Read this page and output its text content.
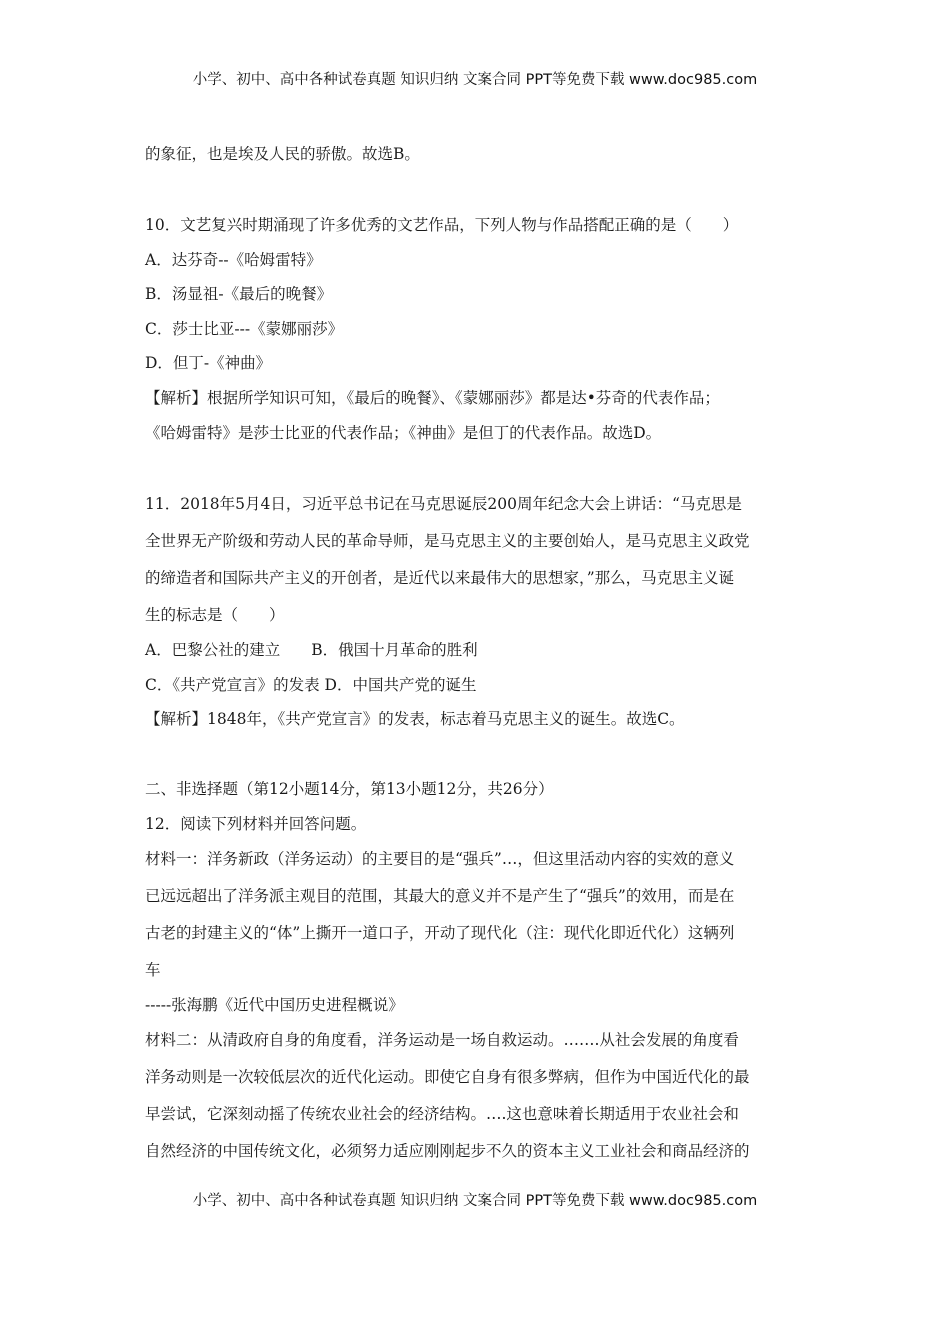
小学、初中、高中各种试卷真题 知识归纳 文案合同 PPT等免费下载 www.doc985.com
的象征，也是埃及人民的骄傲。故选B。
10．文艺复兴时期涌现了许多优秀的文艺作品，下列人物与作品搭配正确的是（　　）
A．达芬奇--《哈姆雷特》
B．汤显祖-《最后的晚餐》
C．莎士比亚---《蒙娜丽莎》
D．但丁-《神曲》
【解析】根据所学知识可知，《最后的晚餐》、《蒙娜丽莎》都是达•芬奇的代表作品；
《哈姆雷特》是莎士比亚的代表作品；《神曲》是但丁的代表作品。故选D。
11．2018年5月4日，习近平总书记在马克思诞辰200周年纪念大会上讲话：“马克思是
全世界无产阶级和劳动人民的革命导师，是马克思主义的主要创始人，是马克思主义政党
的缔造者和国际共产主义的开创者，是近代以来最伟大的思想家，”那么，马克思主义诞
生的标志是（　　）
A．巴黎公社的建立　　B．俄国十月革命的胜利
C．《共产党宣言》的发表 D．中国共产党的诞生
【解析】1848年，《共产党宣言》的发表，标志着马克思主义的诞生。故选C。
二、非选择题（第12小题14分，第13小题12分，共26分）
12．阅读下列材料并回答问题。
材料一：洋务新政（洋务运动）的主要目的是“强兵”…，但这里活动内容的实效的意义
已远远超出了洋务派主观目的范围，其最大的意义并不是产生了“强兵”的效用，而是在
古老的封建主义的“体”上撕开一道口子，开动了现代化（注：现代化即近代化）这辆列
车
-----张海鹏《近代中国历史进程概说》
材料二：从清政府自身的角度看，洋务运动是一场自救运动。…….从社会发展的角度看
洋务动则是一次较低层次的近代化运动。即使它自身有很多弊病，但作为中国近代化的最
早尝试，它深刻动摇了传统农业社会的经济结构。….这也意味着长期适用于农业社会和
自然经济的中国传统文化，必须努力适应刚刚起步不久的资本主义工业社会和商品经济的
小学、初中、高中各种试卷真题 知识归纳 文案合同 PPT等免费下载 www.doc985.com
